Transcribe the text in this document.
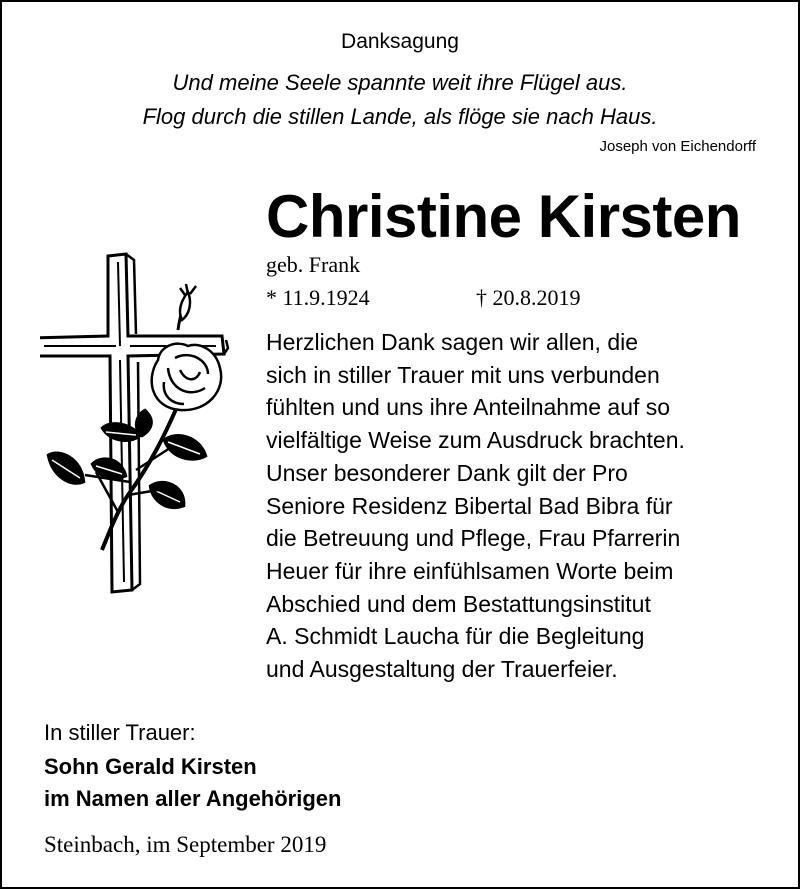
Danksagung
Und meine Seele spannte weit ihre Flügel aus.
Flog durch die stillen Lande, als flöge sie nach Haus.
Joseph von Eichendorff
Christine Kirsten
geb. Frank
* 11.9.1924	† 20.8.2019
Herzlichen Dank sagen wir allen, die
sich in stiller Trauer mit uns verbunden
fühlten und uns ihre Anteilnahme auf so
vielfältige Weise zum Ausdruck brachten.
Unser besonderer Dank gilt der Pro
Seniore Residenz Bibertal Bad Bibra für
die Betreuung und Pflege, Frau Pfarrerin
Heuer für ihre einfühlsamen Worte beim
Abschied und dem Bestattungsinstitut
A. Schmidt Laucha für die Begleitung
und Ausgestaltung der Trauerfeier.
In stiller Trauer:
Sohn Gerald Kirsten
im Namen aller Angehörigen
Steinbach, im September 2019
